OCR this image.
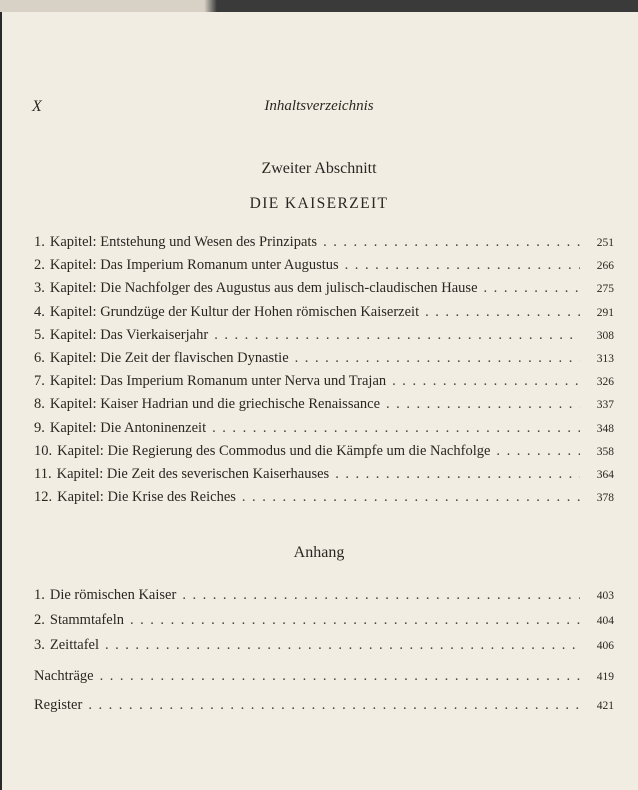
X	Inhaltsverzeichnis
Zweiter Abschnitt
DIE KAISERZEIT
1. Kapitel: Entstehung und Wesen des Prinzipats . . .	251
2. Kapitel: Das Imperium Romanum unter Augustus . . .	266
3. Kapitel: Die Nachfolger des Augustus aus dem julisch-claudischen Hause . . .	275
4. Kapitel: Grundzüge der Kultur der Hohen römischen Kaiserzeit . . .	291
5. Kapitel: Das Vierkaiserjahr . . .	308
6. Kapitel: Die Zeit der flavischen Dynastie . . .	313
7. Kapitel: Das Imperium Romanum unter Nerva und Trajan . . .	326
8. Kapitel: Kaiser Hadrian und die griechische Renaissance . . .	337
9. Kapitel: Die Antoninenzeit . . .	348
10. Kapitel: Die Regierung des Commodus und die Kämpfe um die Nachfolge . . .	358
11. Kapitel: Die Zeit des severischen Kaiserhauses . . .	364
12. Kapitel: Die Krise des Reiches . . .	378
Anhang
1. Die römischen Kaiser . . .	403
2. Stammtafeln . . .	404
3. Zeittafel . . .	406
Nachträge . . .	419
Register . . .	421
